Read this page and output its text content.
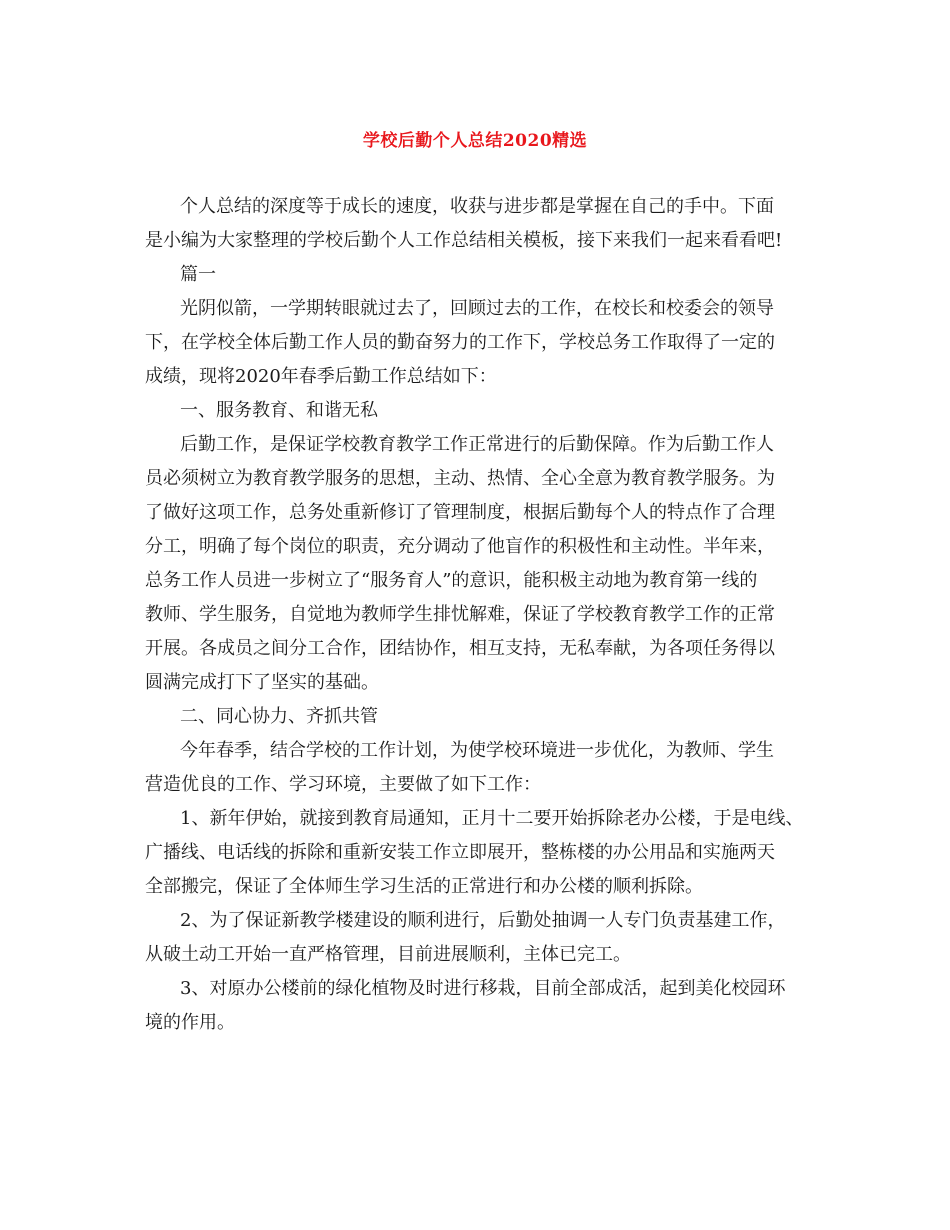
学校后勤个人总结2020精选
个人总结的深度等于成长的速度，收获与进步都是掌握在自己的手中。下面
是小编为大家整理的学校后勤个人工作总结相关模板，接下来我们一起来看看吧!
篇一
光阴似箭，一学期转眼就过去了，回顾过去的工作，在校长和校委会的领导
下，在学校全体后勤工作人员的勤奋努力的工作下，学校总务工作取得了一定的
成绩，现将2020年春季后勤工作总结如下：
一、服务教育、和谐无私
后勤工作，是保证学校教育教学工作正常进行的后勤保障。作为后勤工作人
员必须树立为教育教学服务的思想，主动、热情、全心全意为教育教学服务。为
了做好这项工作，总务处重新修订了管理制度，根据后勤每个人的特点作了合理
分工，明确了每个岗位的职责，充分调动了他盲作的积极性和主动性。半年来，
总务工作人员进一步树立了“服务育人”的意识，能积极主动地为教育第一线的
教师、学生服务，自觉地为教师学生排忧解难，保证了学校教育教学工作的正常
开展。各成员之间分工合作，团结协作，相互支持，无私奉献，为各项任务得以
圆满完成打下了坚实的基础。
二、同心协力、齐抓共管
今年春季，结合学校的工作计划，为使学校环境进一步优化，为教师、学生
营造优良的工作、学习环境，主要做了如下工作：
1、新年伊始，就接到教育局通知，正月十二要开始拆除老办公楼，于是电线、
广播线、电话线的拆除和重新安装工作立即展开，整栋楼的办公用品和实施两天
全部搬完，保证了全体师生学习生活的正常进行和办公楼的顺利拆除。
2、为了保证新教学楼建设的顺利进行，后勤处抽调一人专门负责基建工作，
从破土动工开始一直严格管理，目前进展顺利，主体已完工。
3、对原办公楼前的绿化植物及时进行移栽，目前全部成活，起到美化校园环
境的作用。
